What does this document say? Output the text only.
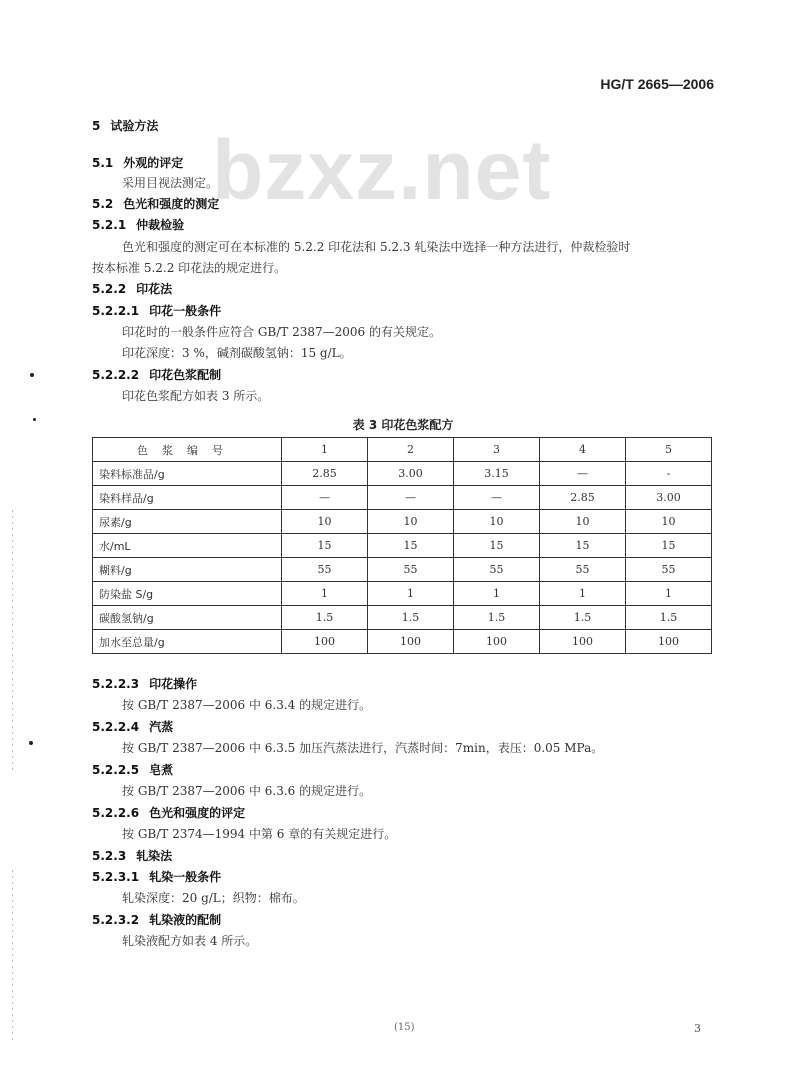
HG/T 2665—2006
bzxz.net
5 试验方法
5.1 外观的评定
采用目视法测定。
5.2 色光和强度的测定
5.2.1 仲裁检验
色光和强度的测定可在本标准的 5.2.2 印花法和 5.2.3 轧染法中选择一种方法进行，仲裁检验时
按本标准 5.2.2 印花法的规定进行。
5.2.2 印花法
5.2.2.1 印花一般条件
印花时的一般条件应符合 GB/T 2387—2006 的有关规定。
印花深度：3 %，碱剂碳酸氢钠：15 g/L。
5.2.2.2 印花色浆配制
印花色浆配方如表 3 所示。
表 3 印花色浆配方
5.2.2.3 印花操作
按 GB/T 2387—2006 中 6.3.4 的规定进行。
5.2.2.4 汽蒸
按 GB/T 2387—2006 中 6.3.5 加压汽蒸法进行，汽蒸时间：7min，表压：0.05 MPa。
5.2.2.5 皂煮
按 GB/T 2387—2006 中 6.3.6 的规定进行。
5.2.2.6 色光和强度的评定
按 GB/T 2374—1994 中第 6 章的有关规定进行。
5.2.3 轧染法
5.2.3.1 轧染一般条件
轧染深度：20 g/L；织物：棉布。
5.2.3.2 轧染液的配制
轧染液配方如表 4 所示。
色浆编号	1	2	3	4	5
染料标准品/g	2.85	3.00	3.15	—	-
染料样品/g	—	—	—	2.85	3.00
尿素/g	10	10	10	10	10
水/mL	15	15	15	15	15
糊料/g	55	55	55	55	55
防染盐 S/g	1	1	1	1	1
碳酸氢钠/g	1.5	1.5	1.5	1.5	1.5
加水至总量/g	100	100	100	100	100
(15)	3
